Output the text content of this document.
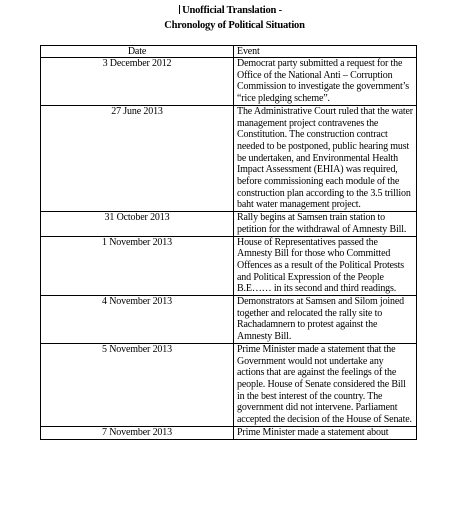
Unofficial Translation -
Chronology of Political Situation
Date	Event
3 December 2012	Democrat party submitted a request for the Office of the National Anti – Corruption Commission to investigate the government’s “rice pledging scheme”.
27 June 2013	The Administrative Court ruled that the water management project contravenes the Constitution. The construction contract needed to be postponed, public hearing must be undertaken, and Environmental Health Impact Assessment (EHIA) was required, before commissioning each module of the construction plan according to the 3.5 trillion baht water management project.
31 October 2013	Rally begins at Samsen train station to petition for the withdrawal of Amnesty Bill.
1 November 2013	House of Representatives passed the Amnesty Bill for those who Committed Offences as a result of the Political Protests and Political Expression of the People B.E…… in its second and third readings.
4 November 2013	Demonstrators at Samsen and Silom joined together and relocated the rally site to Rachadamnern to protest against the Amnesty Bill.
5 November 2013	Prime Minister made a statement that the Government would not undertake any actions that are against the feelings of the people. House of Senate considered the Bill in the best interest of the country. The government did not intervene. Parliament accepted the decision of the House of Senate.
7 November 2013	Prime Minister made a statement about
